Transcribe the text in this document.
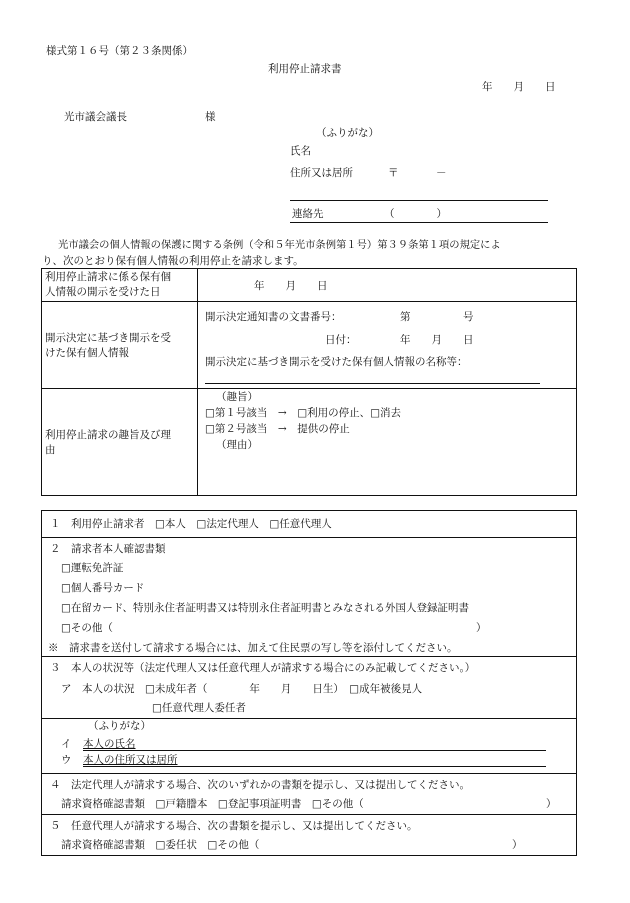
様式第１６号（第２３条関係）
利用停止請求書
年　　月　　日
光市議会議長	様
（ふりがな）
氏名
住所又は居所	〒	－
連絡先	（　　　　）
光市議会の個人情報の保護に関する条例（令和５年光市条例第１号）第３９条第１項の規定によ
り、次のとおり保有個人情報の利用停止を請求します。
利用停止請求に係る保有個
人情報の開示を受けた日	年　　月　　日
開示決定に基づき開示を受
けた保有個人情報
開示決定通知書の文書番号：	第　　　　　号
日付：	年　　月　　日
開示決定に基づき開示を受けた保有個人情報の名称等：
利用停止請求の趣旨及び理
由
（趣旨）
□第１号該当　→　□利用の停止、□消去
□第２号該当　→　提供の停止
（理由）
１　利用停止請求者　□本人　□法定代理人　□任意代理人
２　請求者本人確認書類
□運転免許証
□個人番号カード
□在留カード、特別永住者証明書又は特別永住者証明書とみなされる外国人登録証明書
□その他（	）
※　請求書を送付して請求する場合には、加えて住民票の写し等を添付してください。
３　本人の状況等（法定代理人又は任意代理人が請求する場合にのみ記載してください。）
ア　本人の状況　□未成年者（　　　　年　　月　　日生）　□成年被後見人
□任意代理人委任者
（ふりがな）
イ 本人の氏名
ウ 本人の住所又は居所
４　法定代理人が請求する場合、次のいずれかの書類を提示し、又は提出してください。
請求資格確認書類　□戸籍謄本　□登記事項証明書　□その他（	）
５　任意代理人が請求する場合、次の書類を提示し、又は提出してください。
請求資格確認書類　□委任状　□その他（	）
